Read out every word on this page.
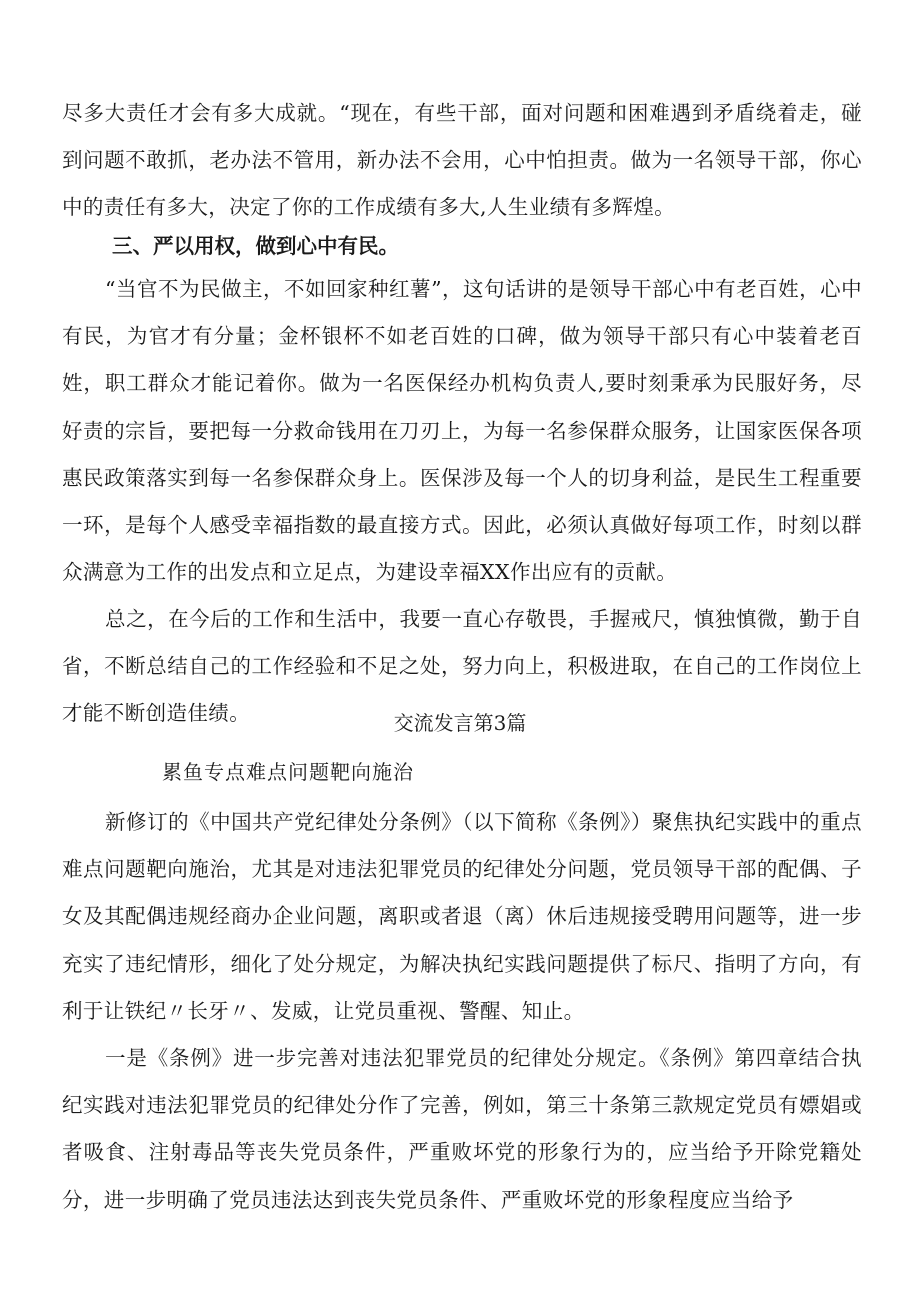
尽多大责任才会有多大成就。“现在，有些干部，面对问题和困难遇到矛盾绕着走，碰到问题不敢抓，老办法不管用，新办法不会用，心中怕担责。做为一名领导干部，你心中的责任有多大，决定了你的工作成绩有多大,人生业绩有多辉煌。

三、严以用权，做到心中有民。

“当官不为民做主，不如回家种红薯”，这句话讲的是领导干部心中有老百姓，心中有民，为官才有分量；金杯银杯不如老百姓的口碑，做为领导干部只有心中装着老百姓，职工群众才能记着你。做为一名医保经办机构负责人,要时刻秉承为民服好务，尽好责的宗旨，要把每一分救命钱用在刀刃上，为每一名参保群众服务，让国家医保各项惠民政策落实到每一名参保群众身上。医保涉及每一个人的切身利益，是民生工程重要一环，是每个人感受幸福指数的最直接方式。因此，必须认真做好每项工作，时刻以群众满意为工作的出发点和立足点，为建设幸福XX作出应有的贡献。

总之，在今后的工作和生活中，我要一直心存敬畏，手握戒尺，慎独慎微，勤于自省，不断总结自己的工作经验和不足之处，努力向上，积极进取，在自己的工作岗位上才能不断创造佳绩。	交流发言第3篇

累鱼专点难点问题靶向施治

新修订的《中国共产党纪律处分条例》（以下简称《条例》）聚焦执纪实践中的重点难点问题靶向施治，尤其是对违法犯罪党员的纪律处分问题，党员领导干部的配偶、子女及其配偶违规经商办企业问题，离职或者退（离）休后违规接受聘用问题等，进一步充实了违纪情形，细化了处分规定，为解决执纪实践问题提供了标尺、指明了方向，有利于让铁纪〃长牙〃、发威，让党员重视、警醒、知止。

一是《条例》进一步完善对违法犯罪党员的纪律处分规定。《条例》第四章结合执纪实践对违法犯罪党员的纪律处分作了完善，例如，第三十条第三款规定党员有嫖娼或者吸食、注射毒品等丧失党员条件，严重败坏党的形象行为的，应当给予开除党籍处分，进一步明确了党员违法达到丧失党员条件、严重败坏党的形象程度应当给予
